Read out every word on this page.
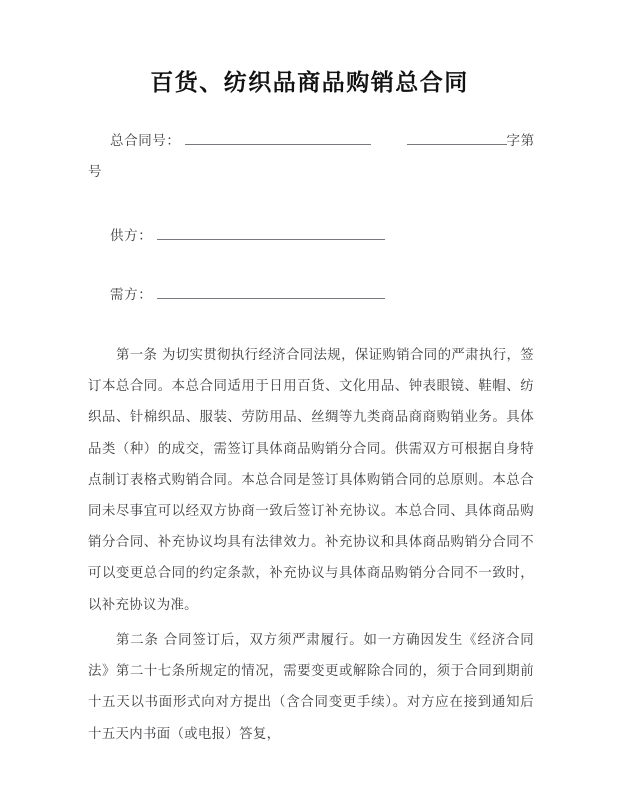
百货、纺织品商品购销总合同
总合同号：	字第
号
供方：
需方：
第一条 为切实贯彻执行经济合同法规，保证购销合同的严肃执行，签订本总合同。本总合同适用于日用百货、文化用品、钟表眼镜、鞋帽、纺织品、针棉织品、服装、劳防用品、丝绸等九类商品商商购销业务。具体品类（种）的成交，需签订具体商品购销分合同。供需双方可根据自身特点制订表格式购销合同。本总合同是签订具体购销合同的总原则。本总合同未尽事宜可以经双方协商一致后签订补充协议。本总合同、具体商品购销分合同、补充协议均具有法律效力。补充协议和具体商品购销分合同不可以变更总合同的约定条款，补充协议与具体商品购销分合同不一致时，以补充协议为准。
第二条 合同签订后，双方须严肃履行。如一方确因发生《经济合同法》第二十七条所规定的情况，需要变更或解除合同的，须于合同到期前十五天以书面形式向对方提出（含合同变更手续）。对方应在接到通知后十五天内书面（或电报）答复，
